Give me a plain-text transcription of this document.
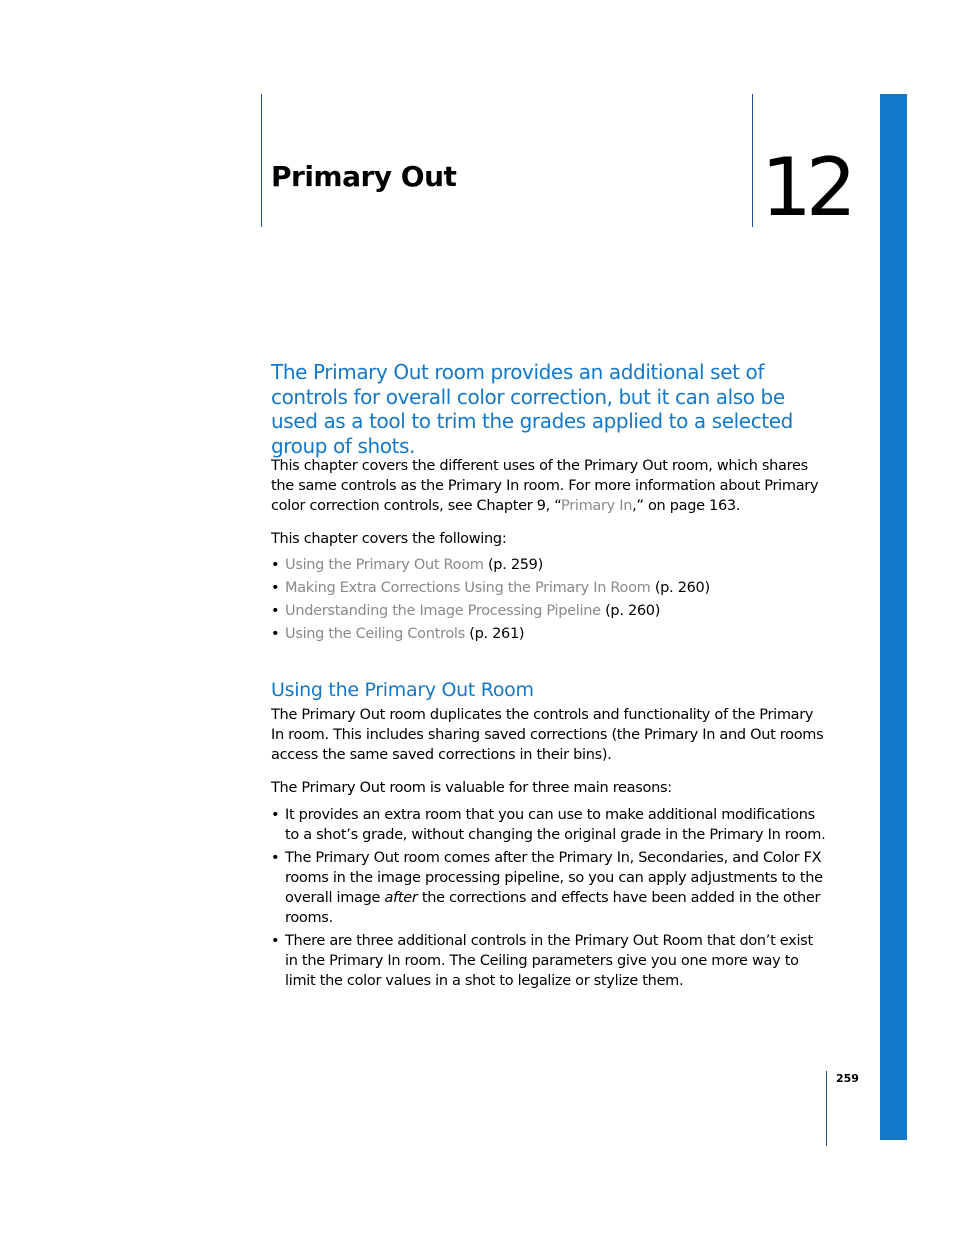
Primary Out	12

The Primary Out room provides an additional set of controls for overall color correction, but it can also be used as a tool to trim the grades applied to a selected group of shots.

This chapter covers the different uses of the Primary Out room, which shares the same controls as the Primary In room. For more information about Primary color correction controls, see Chapter 9, “Primary In,” on page 163.

This chapter covers the following:

• Using the Primary Out Room (p. 259)
• Making Extra Corrections Using the Primary In Room (p. 260)
• Understanding the Image Processing Pipeline (p. 260)
• Using the Ceiling Controls (p. 261)
Using the Primary Out Room

The Primary Out room duplicates the controls and functionality of the Primary In room. This includes sharing saved corrections (the Primary In and Out rooms access the same saved corrections in their bins).

The Primary Out room is valuable for three main reasons:

• It provides an extra room that you can use to make additional modifications to a shot’s grade, without changing the original grade in the Primary In room.
• The Primary Out room comes after the Primary In, Secondaries, and Color FX rooms in the image processing pipeline, so you can apply adjustments to the overall image after the corrections and effects have been added in the other rooms.
• There are three additional controls in the Primary Out Room that don’t exist in the Primary In room. The Ceiling parameters give you one more way to limit the color values in a shot to legalize or stylize them.
259
